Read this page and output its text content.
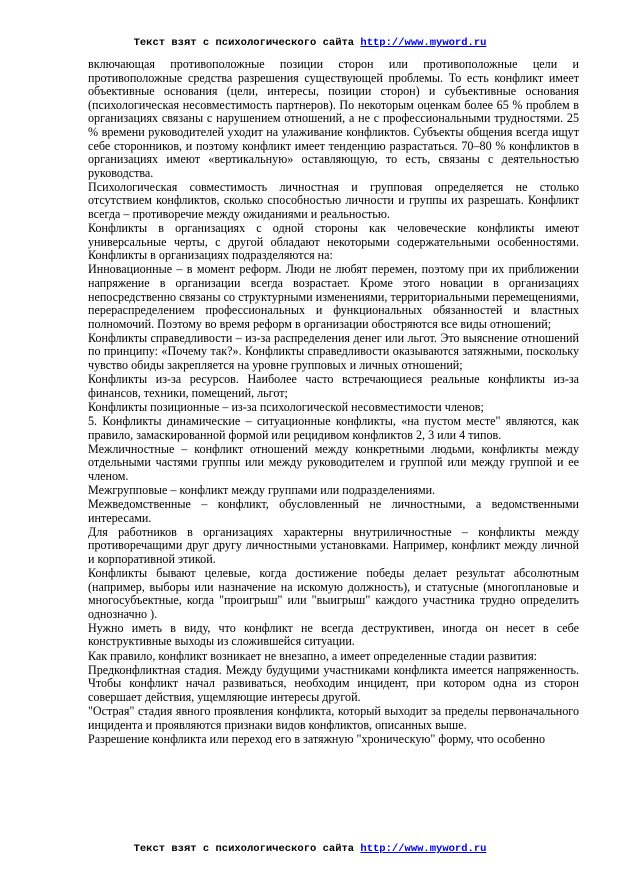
Текст взят с психологического сайта http://www.myword.ru

включающая противоположные позиции сторон или противоположные цели и противоположные средства разрешения существующей проблемы. То есть конфликт имеет объективные основания (цели, интересы, позиции сторон) и субъективные основания (психологическая несовместимость партнеров). По некоторым оценкам более 65 % проблем в организациях связаны с нарушением отношений, а не с профессиональными трудностями. 25 % времени руководителей уходит на улаживание конфликтов. Субъекты общения всегда ищут себе сторонников, и поэтому конфликт имеет тенденцию разрастаться. 70–80 % конфликтов в организациях имеют «вертикальную» оставляющую, то есть, связаны с деятельностью руководства.

Психологическая совместимость личностная и групповая определяется не столько отсутствием конфликтов, сколько способностью личности и группы их разрешать. Конфликт всегда – противоречие между ожиданиями и реальностью.

Конфликты в организациях с одной стороны как человеческие конфликты имеют универсальные черты, с другой обладают некоторыми содержательными особенностями. Конфликты в организациях подразделяются на:

Инновационные – в момент реформ. Люди не любят перемен, поэтому при их приближении напряжение в организации всегда возрастает. Кроме этого новации в организациях непосредственно связаны со структурными изменениями, территориальными перемещениями, перераспределением профессиональных и функциональных обязанностей и властных полномочий. Поэтому во время реформ в организации обостряются все виды отношений;

Конфликты справедливости – из-за распределения денег или льгот. Это выяснение отношений по принципу: «Почему так?». Конфликты справедливости оказываются затяжными, поскольку чувство обиды закрепляется на уровне групповых и личных отношений;

Конфликты из-за ресурсов. Наиболее часто встречающиеся реальные конфликты из-за финансов, техники, помещений, льгот;

Конфликты позиционные – из-за психологической несовместимости членов;

5. Конфликты динамические – ситуационные конфликты, «на пустом месте" являются, как правило, замаскированной формой или рецидивом конфликтов 2, 3 или 4 типов.

Межличностные – конфликт отношений между конкретными людьми, конфликты между отдельными частями группы или между руководителем и группой или между группой и ее членом.

Межгрупповые – конфликт между группами или подразделениями.

Межведомственные – конфликт, обусловленный не личностными, а ведомственными интересами.

Для работников в организациях характерны внутриличностные – конфликты между противоречащими друг другу личностными установками. Например, конфликт между личной и корпоративной этикой.

Конфликты бывают целевые, когда достижение победы делает результат абсолютным (например, выборы или назначение на искомую должность), и статусные (многоплановые и многосубъектные, когда "проигрыш" или "выигрыш" каждого участника трудно определить однозначно ).

Нужно иметь в виду, что конфликт не всегда деструктивен, иногда он несет в себе конструктивные выходы из сложившейся ситуации.

Как правило, конфликт возникает не внезапно, а имеет определенные стадии развития:

Предконфликтная стадия. Между будущими участниками конфликта имеется напряженность. Чтобы конфликт начал развиваться, необходим инцидент, при котором одна из сторон совершает действия, ущемляющие интересы другой.

"Острая" стадия явного проявления конфликта, который выходит за пределы первоначального инцидента и проявляются признаки видов конфликтов, описанных выше.

Разрешение конфликта или переход его в затяжную "хроническую" форму, что особенно

Текст взят с психологического сайта http://www.myword.ru
